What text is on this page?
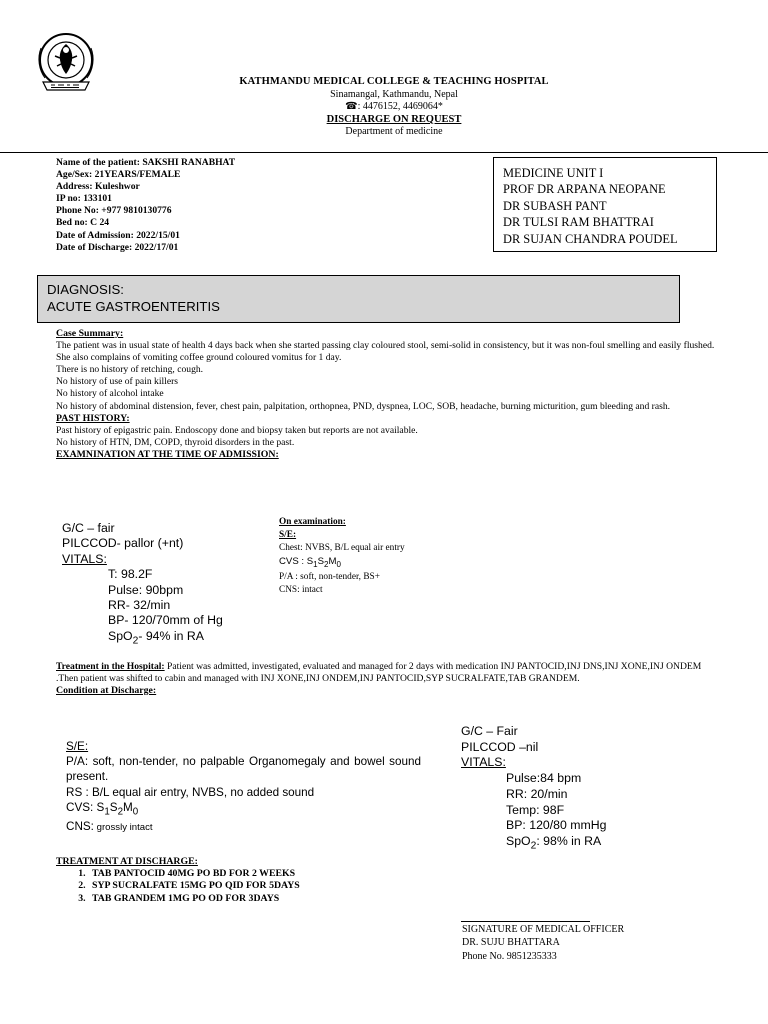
KATHMANDU MEDICAL COLLEGE & TEACHING HOSPITAL
Sinamangal, Kathmandu, Nepal
☎: 4476152, 4469064*
DISCHARGE ON REQUEST
Department of medicine
Name of the patient: SAKSHI RANABHAT
Age/Sex: 21YEARS/FEMALE
Address: Kuleshwor
IP no: 133101
Phone No: +977 9810130776
Bed no: C 24
Date of Admission: 2022/15/01
Date of Discharge: 2022/17/01
MEDICINE UNIT I
PROF DR ARPANA NEOPANE
DR SUBASH PANT
DR TULSI RAM BHATTRAI
DR SUJAN CHANDRA POUDEL
DIAGNOSIS:
ACUTE GASTROENTERITIS
Case Summary:
The patient was in usual state of health 4 days back when she started passing clay coloured stool, semi-solid in consistency, but it was non-foul smelling and easily flushed.
She also complains of vomiting coffee ground coloured vomitus for 1 day.
There is no history of retching, cough.
No history of use of pain killers
No history of alcohol intake
No history of abdominal distension, fever, chest pain, palpitation, orthopnea, PND, dyspnea, LOC, SOB, headache, burning micturition, gum bleeding and rash.
PAST HISTORY:
Past history of epigastric pain. Endoscopy done and biopsy taken but reports are not available.
No history of HTN, DM, COPD, thyroid disorders in the past.
EXAMNINATION AT THE TIME OF ADMISSION:
G/C – fair
PILCCOD- pallor (+nt)
VITALS:
T: 98.2F
Pulse: 90bpm
RR- 32/min
BP- 120/70mm of Hg
SpO$_2$- 94% in RA
On examination:
S/E:
Chest: NVBS, B/L equal air entry
CVS : $S_1S_2M_0$
P/A : soft, non-tender, BS+
CNS: intact
Treatment in the Hospital: Patient was admitted, investigated, evaluated and managed for 2 days with medication INJ PANTOCID,INJ DNS,INJ XONE,INJ ONDEM .Then patient was shifted to cabin and managed with INJ XONE,INJ ONDEM,INJ PANTOCID,SYP SUCRALFATE,TAB GRANDEM.
Condition at Discharge:
S/E:
P/A: soft, non-tender, no palpable Organomegaly and bowel sound present.
RS : B/L equal air entry, NVBS, no added sound
CVS: $S_1S_2M_0$
CNS: grossly intact
G/C – Fair
PILCCOD –nil
VITALS:
Pulse:84 bpm
RR: 20/min
Temp: 98F
BP: 120/80 mmHg
SpO$_2$: 98% in RA
TREATMENT AT DISCHARGE:
1. TAB PANTOCID 40MG PO BD FOR 2 WEEKS
2. SYP SUCRALFATE 15MG PO QID FOR 5DAYS
3. TAB GRANDEM 1MG PO OD FOR 3DAYS
SIGNATURE OF MEDICAL OFFICER
DR. SUJU BHATTARA
Phone No. 9851235333
